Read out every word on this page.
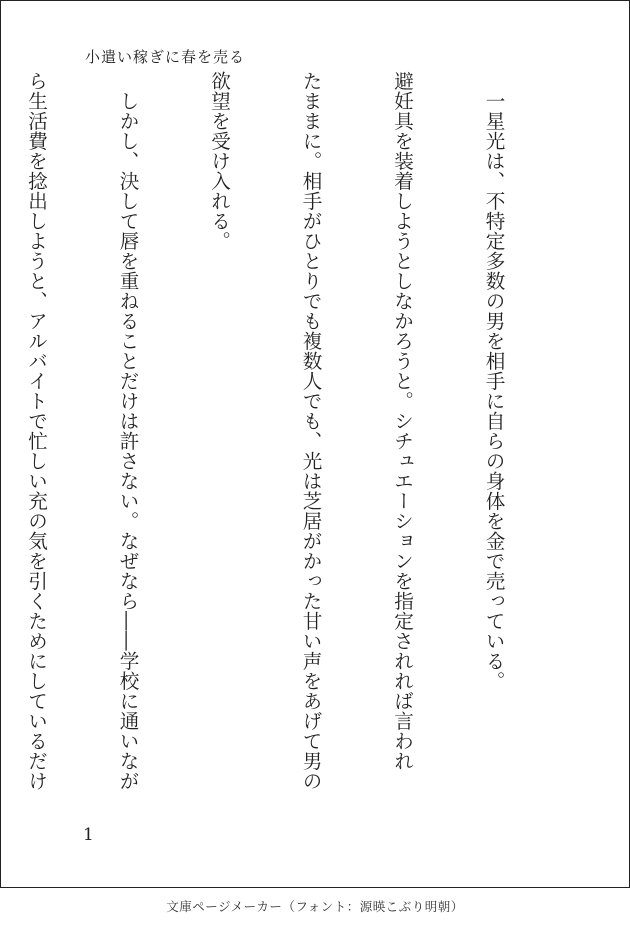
小遣い稼ぎに春を売る

　一星光は、不特定多数の男を相手に自らの身体を金で売っている。

避妊具を装着しようとしなかろうと。シチュエーションを指定されれば言われ

たままに。相手がひとりでも複数人でも、光は芝居がかった甘い声をあげて男の

欲望を受け入れる。

　しかし、決して唇を重ねることだけは許さない。なぜなら――学校に通いなが

ら生活費を捻出しようと、アルバイトで忙しい充の気を引くためにしているだけ

1
文庫ページメーカー（フォント：源暎こぶり明朝）
